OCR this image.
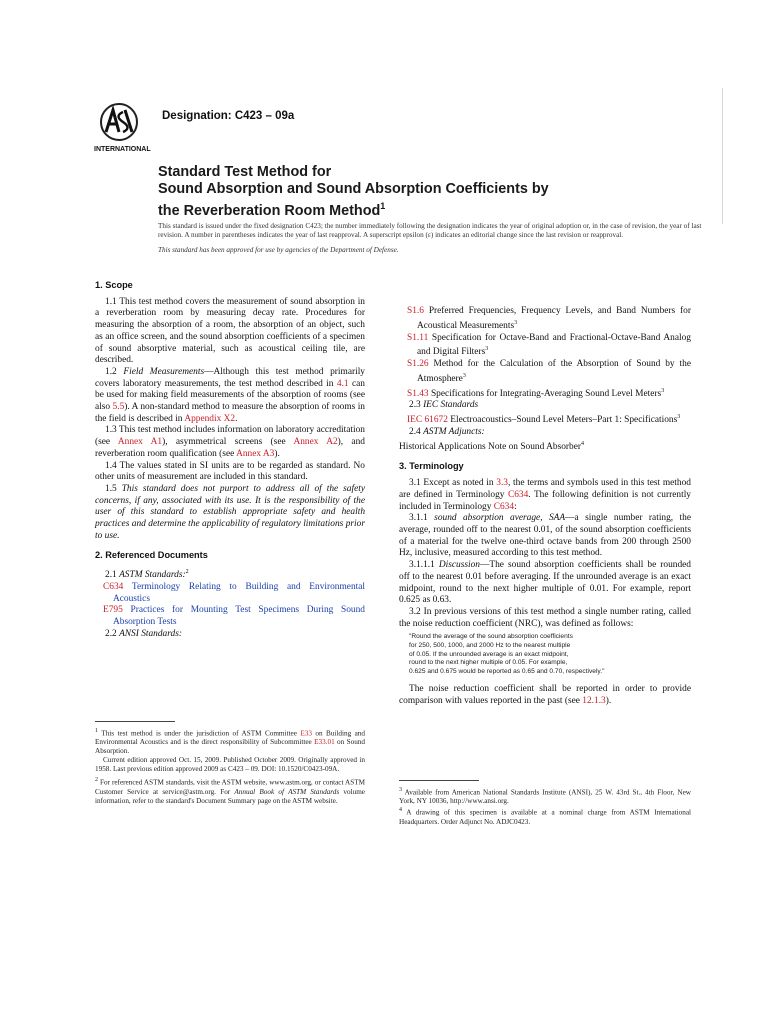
INTERNATIONAL
Designation: C423 – 09a
Standard Test Method for
Sound Absorption and Sound Absorption Coefficients by
the Reverberation Room Method$^1$
This standard is issued under the fixed designation C423; the number immediately following the designation indicates the year of original adoption or, in the case of revision, the year of last revision. A number in parentheses indicates the year of last reapproval. A superscript epsilon (ε) indicates an editorial change since the last revision or reapproval.
This standard has been approved for use by agencies of the Department of Defense.
1. Scope

1.1 This test method covers the measurement of sound absorption in a reverberation room by measuring decay rate. Procedures for measuring the absorption of a room, the absorption of an object, such as an office screen, and the sound absorption coefficients of a specimen of sound absorptive material, such as acoustical ceiling tile, are described.

1.2 Field Measurements—Although this test method primarily covers laboratory measurements, the test method described in 4.1 can be used for making field measurements of the absorption of rooms (see also 5.5). A non-standard method to measure the absorption of rooms in the field is described in Appendix X2.

1.3 This test method includes information on laboratory accreditation (see Annex A1), asymmetrical screens (see Annex A2), and reverberation room qualification (see Annex A3).

1.4 The values stated in SI units are to be regarded as standard. No other units of measurement are included in this standard.

1.5 This standard does not purport to address all of the safety concerns, if any, associated with its use. It is the responsibility of the user of this standard to establish appropriate safety and health practices and determine the applicability of regulatory limitations prior to use.

2. Referenced Documents

2.1 ASTM Standards:$^2$

C634 Terminology Relating to Building and Environmental Acoustics
E795 Practices for Mounting Test Specimens During Sound Absorption Tests

2.2 ANSI Standards:

$^1$ This test method is under the jurisdiction of ASTM Committee E33 on Building and Environmental Acoustics and is the direct responsibility of Subcommittee E33.01 on Sound Absorption.
Current edition approved Oct. 15, 2009. Published October 2009. Originally approved in 1958. Last previous edition approved 2009 as C423 – 09. DOI: 10.1520/C0423-09A.
$^2$ For referenced ASTM standards, visit the ASTM website, www.astm.org, or contact ASTM Customer Service at service@astm.org. For Annual Book of ASTM Standards volume information, refer to the standard's Document Summary page on the ASTM website.
S1.6 Preferred Frequencies, Frequency Levels, and Band Numbers for Acoustical Measurements$^3$
S1.11 Specification for Octave-Band and Fractional-Octave-Band Analog and Digital Filters$^3$
S1.26 Method for the Calculation of the Absorption of Sound by the Atmosphere$^3$
S1.43 Specifications for Integrating-Averaging Sound Level Meters$^3$

2.3 IEC Standards

IEC 61672 Electroacoustics–Sound Level Meters–Part 1: Specifications$^3$

2.4 ASTM Adjuncts:

Historical Applications Note on Sound Absorber$^4$
3. Terminology

3.1 Except as noted in 3.3, the terms and symbols used in this test method are defined in Terminology C634. The following definition is not currently included in Terminology C634:

3.1.1 sound absorption average, SAA—a single number rating, the average, rounded off to the nearest 0.01, of the sound absorption coefficients of a material for the twelve one-third octave bands from 200 through 2500 Hz, inclusive, measured according to this test method.

3.1.1.1 Discussion—The sound absorption coefficients shall be rounded off to the nearest 0.01 before averaging. If the unrounded average is an exact midpoint, round to the next higher multiple of 0.01. For example, report 0.625 as 0.63.

3.2 In previous versions of this test method a single number rating, called the noise reduction coefficient (NRC), was defined as follows:

"Round the average of the sound absorption coefficients
for 250, 500, 1000, and 2000 Hz to the nearest multiple
of 0.05. If the unrounded average is an exact midpoint,
round to the next higher multiple of 0.05. For example,
0.625 and 0.675 would be reported as 0.65 and 0.70, respectively."

The noise reduction coefficient shall be reported in order to provide comparison with values reported in the past (see 12.1.3).

$^3$ Available from American National Standards Institute (ANSI), 25 W. 43rd St., 4th Floor, New York, NY 10036, http://www.ansi.org.
$^4$ A drawing of this specimen is available at a nominal charge from ASTM International Headquarters. Order Adjunct No. ADJC0423.
